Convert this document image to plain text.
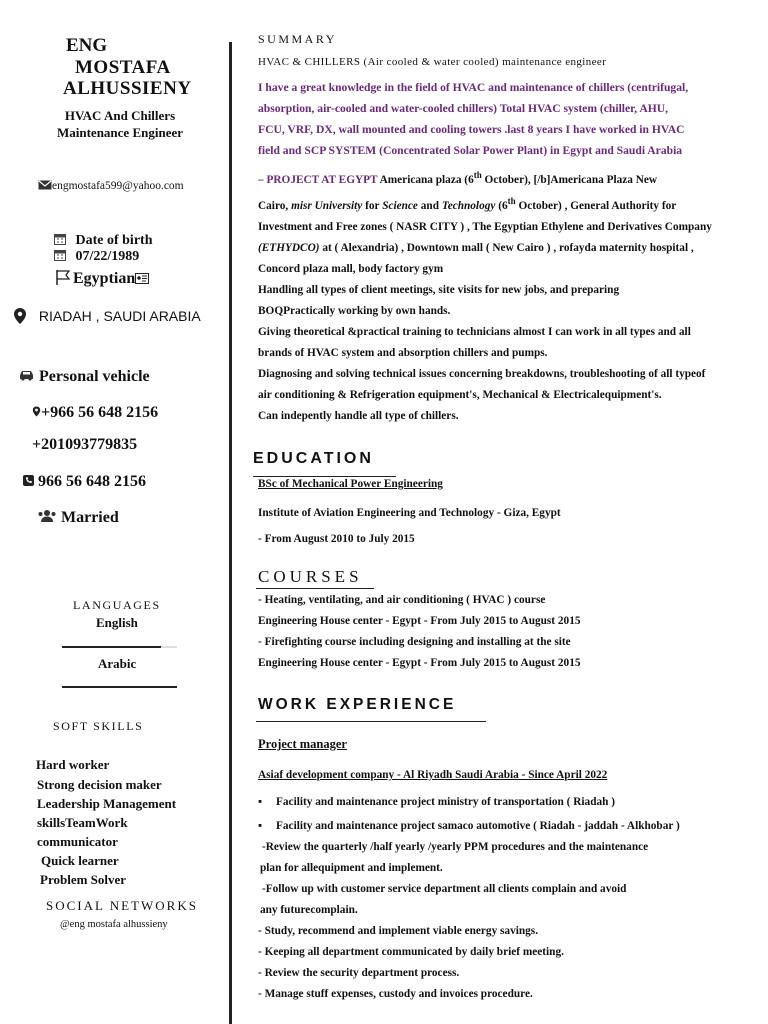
ENG
MOSTAFA
ALHUSSIENY
HVAC And Chillers
Maintenance Engineer
engmostafa599@yahoo.com
Date of birth
07/22/1989
Egyptian
RIADAH , SAUDI ARABIA
Personal vehicle
+966 56 648 2156
+201093779835
966 56 648 2156
Married
LANGUAGES
English
Arabic
SOFT SKILLS
Hard worker
Strong decision maker
Leadership Management
skillsTeamWork
communicator
Quick learner
Problem Solver
SOCIAL NETWORKS
@eng mostafa alhussieny
SUMMARY
HVAC & CHILLERS (Air cooled & water cooled) maintenance engineer
I have a great knowledge in the field of HVAC and maintenance of chillers (centrifugal,
absorption, air-cooled and water-cooled chillers) Total HVAC system (chiller, AHU,
FCU, VRF, DX, wall mounted and cooling towers .last 8 years I have worked in HVAC
field and SCP SYSTEM (Concentrated Solar Power Plant) in Egypt and Saudi Arabia
– PROJECT AT EGYPT Americana plaza (6th October), [/b]Americana Plaza New
Cairo, misr University for Science and Technology (6th October) , General Authority for
Investment and Free zones ( NASR CITY ) , The Egyptian Ethylene and Derivatives Company
(ETHYDCO) at ( Alexandria) , Downtown mall ( New Cairo ) , rofayda maternity hospital ,
Concord plaza mall, body factory gym
Handling all types of client meetings, site visits for new jobs, and preparing
BOQPractically working by own hands.
Giving theoretical &practical training to technicians almost I can work in all types and all
brands of HVAC system and absorption chillers and pumps.
Diagnosing and solving technical issues concerning breakdowns, troubleshooting of all typeof
air conditioning & Refrigeration equipment's, Mechanical & Electricalequipment's.
Can indepently handle all type of chillers.
EDUCATION
BSc of Mechanical Power Engineering
Institute of Aviation Engineering and Technology - Giza, Egypt
- From August 2010 to July 2015
COURSES
- Heating, ventilating, and air conditioning ( HVAC ) course
Engineering House center - Egypt - From July 2015 to August 2015
- Firefighting course including designing and installing at the site
Engineering House center - Egypt - From July 2015 to August 2015
WORK EXPERIENCE
Project manager
Asiaf development company - Al Riyadh Saudi Arabia - Since April 2022
▪ Facility and maintenance project ministry of transportation ( Riadah )
▪ Facility and maintenance project samaco automotive ( Riadah - jaddah - Alkhobar )
-Review the quarterly /half yearly /yearly PPM procedures and the maintenance
plan for allequipment and implement.
-Follow up with customer service department all clients complain and avoid
any futurecomplain.
- Study, recommend and implement viable energy savings.
- Keeping all department communicated by daily brief meeting.
- Review the security department process.
- Manage stuff expenses, custody and invoices procedure.
